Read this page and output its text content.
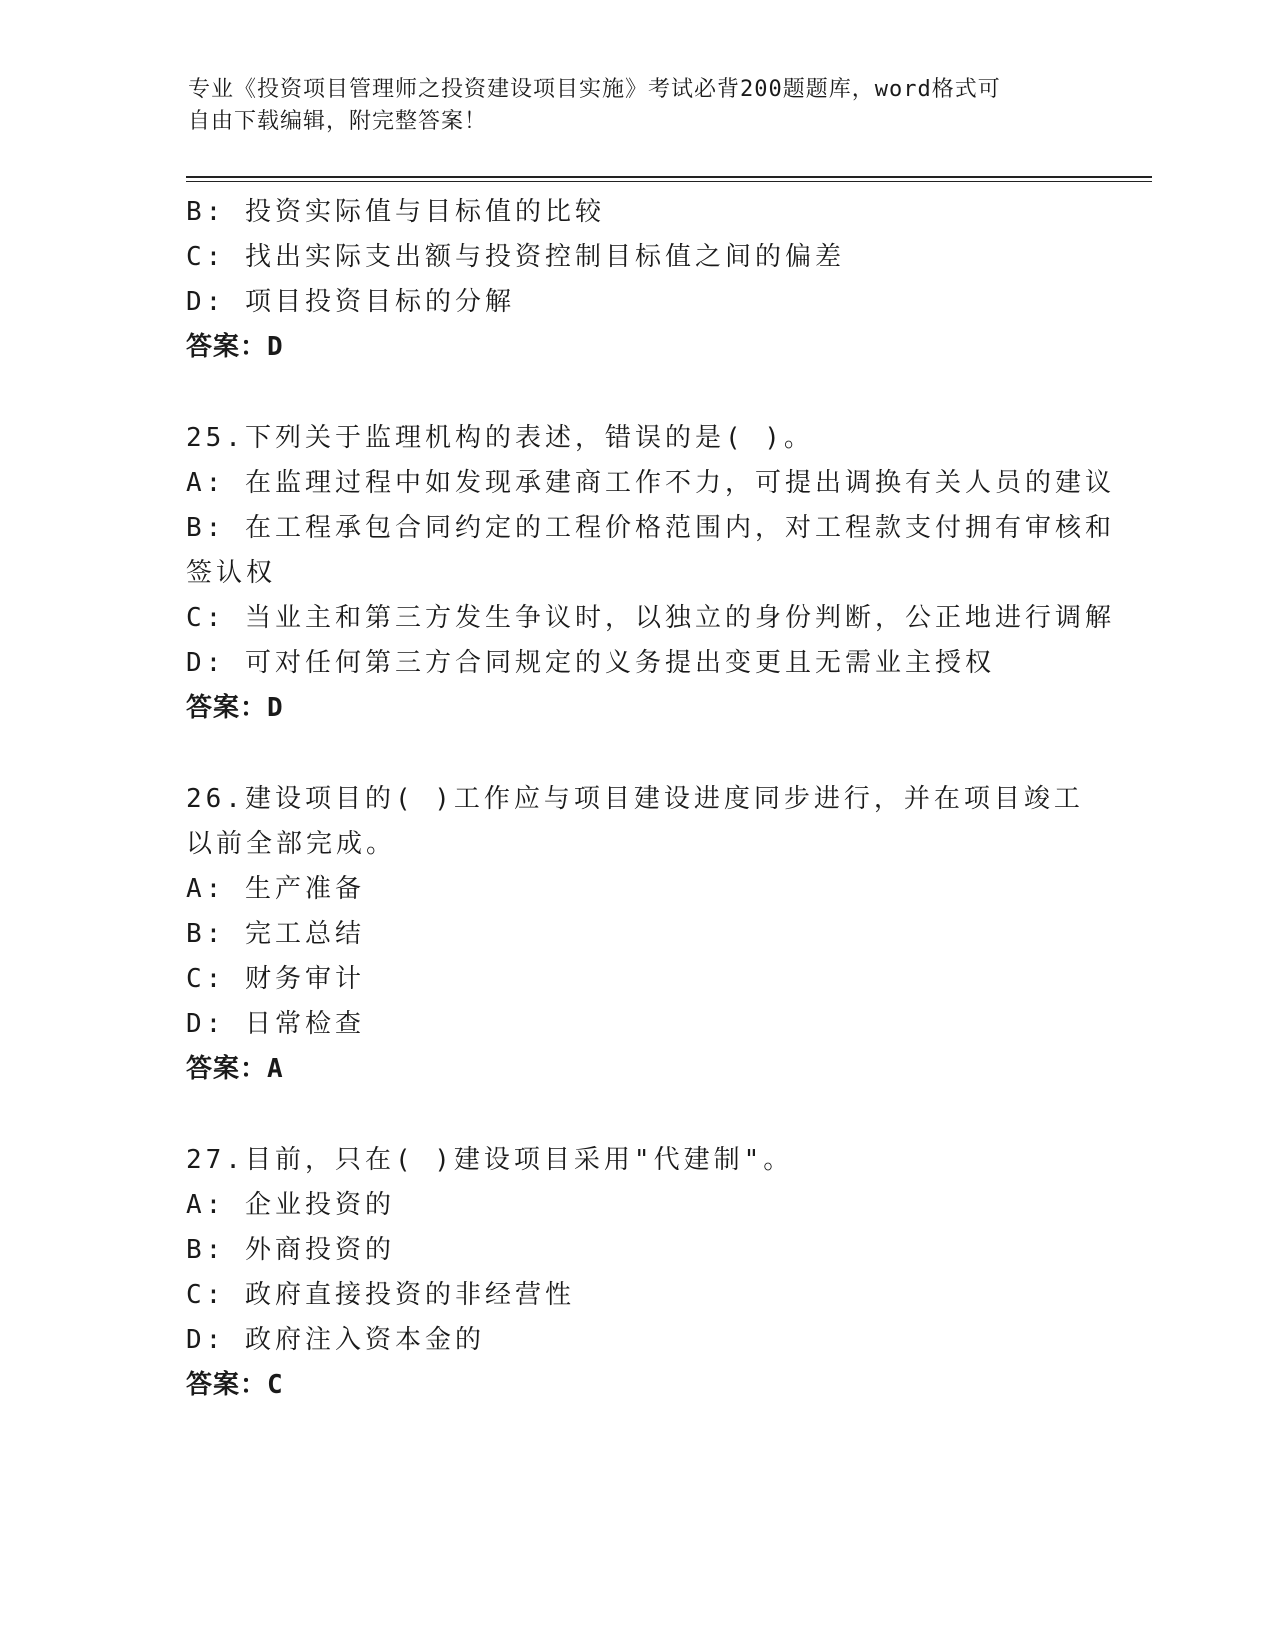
专业《投资项目管理师之投资建设项目实施》考试必背200题题库，word格式可
自由下载编辑，附完整答案！
B: 投资实际值与目标值的比较
C: 找出实际支出额与投资控制目标值之间的偏差
D: 项目投资目标的分解
答案：D
25.下列关于监理机构的表述，错误的是( )。
A: 在监理过程中如发现承建商工作不力，可提出调换有关人员的建议
B: 在工程承包合同约定的工程价格范围内，对工程款支付拥有审核和
签认权
C: 当业主和第三方发生争议时，以独立的身份判断，公正地进行调解
D: 可对任何第三方合同规定的义务提出变更且无需业主授权
答案：D
26.建设项目的( )工作应与项目建设进度同步进行，并在项目竣工
以前全部完成。
A: 生产准备
B: 完工总结
C: 财务审计
D: 日常检查
答案：A
27.目前，只在( )建设项目采用"代建制"。
A: 企业投资的
B: 外商投资的
C: 政府直接投资的非经营性
D: 政府注入资本金的
答案：C
